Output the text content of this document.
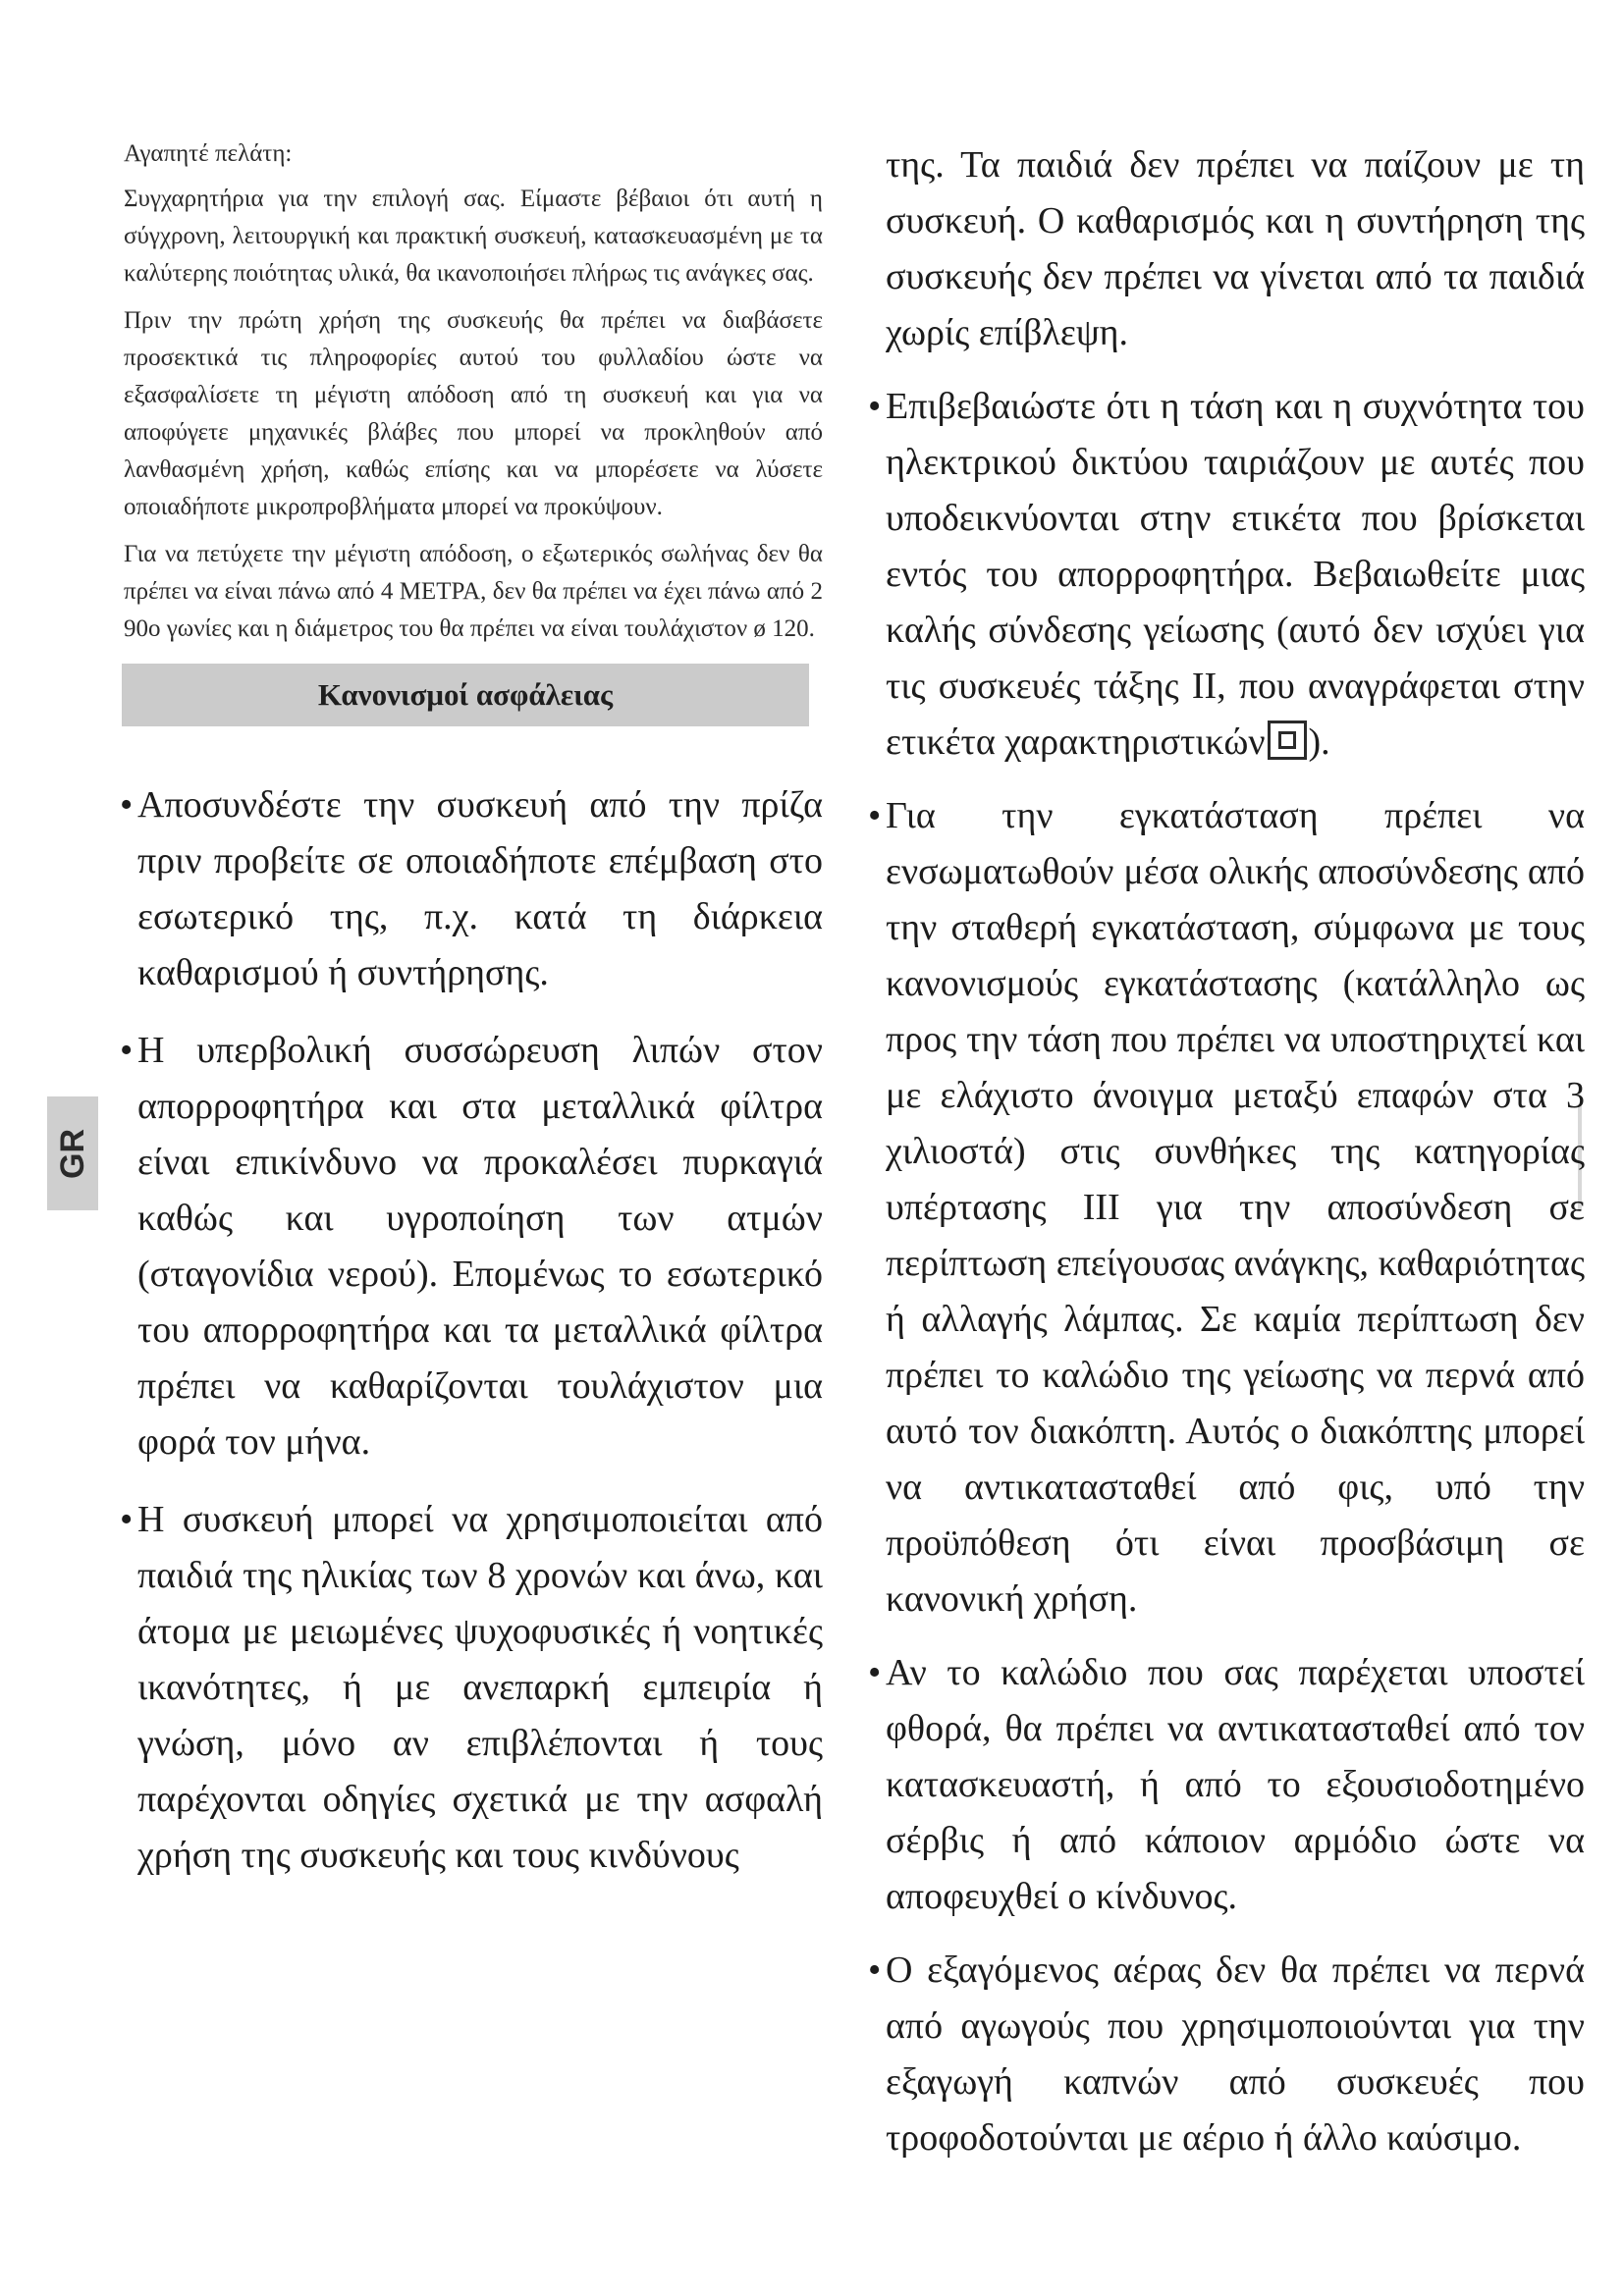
GR

Αγαπητέ πελάτη:

Συγχαρητήρια για την επιλογή σας. Είμαστε βέβαιοι ότι αυτή η σύγχρονη, λειτουργική και πρακτική συσκευή, κατασκευασμένη με τα καλύτερης ποιότητας υλικά, θα ικανοποιήσει πλήρως τις ανάγκες σας.

Πριν την πρώτη χρήση της συσκευής θα πρέπει να διαβάσετε προσεκτικά τις πληροφορίες αυτού του φυλλαδίου ώστε να εξασφαλίσετε τη μέγιστη απόδοση από τη συσκευή και για να αποφύγετε μηχανικές βλάβες που μπορεί να προκληθούν από λανθασμένη χρήση, καθώς επίσης και να μπορέσετε να λύσετε οποιαδήποτε μικροπροβλήματα μπορεί να προκύψουν.

Για να πετύχετε την μέγιστη απόδοση, ο εξωτερικός σωλήνας δεν θα πρέπει να είναι πάνω από 4 ΜΕΤΡΑ, δεν θα πρέπει να έχει πάνω από 2 90ο γωνίες και η διάμετρος του θα πρέπει να είναι τουλάχιστον ø 120.

Κανονισμοί ασφάλειας
• Αποσυνδέστε την συσκευή από την πρίζα πριν προβείτε σε οποιαδήποτε επέμβαση στο εσωτερικό της, π.χ. κατά τη διάρκεια καθαρισμού ή συντήρησης.
• Η υπερβολική συσσώρευση λιπών στον απορροφητήρα και στα μεταλλικά φίλτρα είναι επικίνδυνο να προκαλέσει πυρκαγιά καθώς και υγροποίηση των ατμών (σταγονίδια νερού). Επομένως το εσωτερικό του απορροφητήρα και τα μεταλλικά φίλτρα πρέπει να καθαρίζονται τουλάχιστον μια φορά τον μήνα.
• Η συσκευή μπορεί να χρησιμοποιείται από παιδιά της ηλικίας των 8 χρονών και άνω, και άτομα με μειωμένες ψυχοφυσικές ή νοητικές ικανότητες, ή με ανεπαρκή εμπειρία ή γνώση, μόνο αν επιβλέπονται ή τους παρέχονται οδηγίες σχετικά με την ασφαλή χρήση της συσκευής και τους κινδύνους

της. Τα παιδιά δεν πρέπει να παίζουν με τη συσκευή. Ο καθαρισμός και η συντήρηση της συσκευής δεν πρέπει να γίνεται από τα παιδιά χωρίς επίβλεψη.

• Επιβεβαιώστε ότι η τάση και η συχνότητα του ηλεκτρικού δικτύου ταιριάζουν με αυτές που υποδεικνύονται στην ετικέτα που βρίσκεται εντός του απορροφητήρα. Βεβαιωθείτε μιας καλής σύνδεσης γείωσης (αυτό δεν ισχύει για τις συσκευές τάξης ΙΙ, που αναγράφεται στην ετικέτα χαρακτηριστικών ).
• Για την εγκατάσταση πρέπει να ενσωματωθούν μέσα ολικής αποσύνδεσης από την σταθερή εγκατάσταση, σύμφωνα με τους κανονισμούς εγκατάστασης (κατάλληλο ως προς την τάση που πρέπει να υποστηριχτεί και με ελάχιστο άνοιγμα μεταξύ επαφών στα 3 χιλιοστά) στις συνθήκες της κατηγορίας υπέρτασης ΙΙΙ για την αποσύνδεση σε περίπτωση επείγουσας ανάγκης, καθαριότητας ή αλλαγής λάμπας. Σε καμία περίπτωση δεν πρέπει το καλώδιο της γείωσης να περνά από αυτό τον διακόπτη. Αυτός ο διακόπτης μπορεί να αντικατασταθεί από φις, υπό την προϋπόθεση ότι είναι προσβάσιμη σε κανονική χρήση.
• Αν το καλώδιο που σας παρέχεται υποστεί φθορά, θα πρέπει να αντικατασταθεί από τον κατασκευαστή, ή από το εξουσιοδοτημένο σέρβις ή από κάποιον αρμόδιο ώστε να αποφευχθεί ο κίνδυνος.
• Ο εξαγόμενος αέρας δεν θα πρέπει να περνά από αγωγούς που χρησιμοποιούνται για την εξαγωγή καπνών από συσκευές που τροφοδοτούνται με αέριο ή άλλο καύσιμο.
